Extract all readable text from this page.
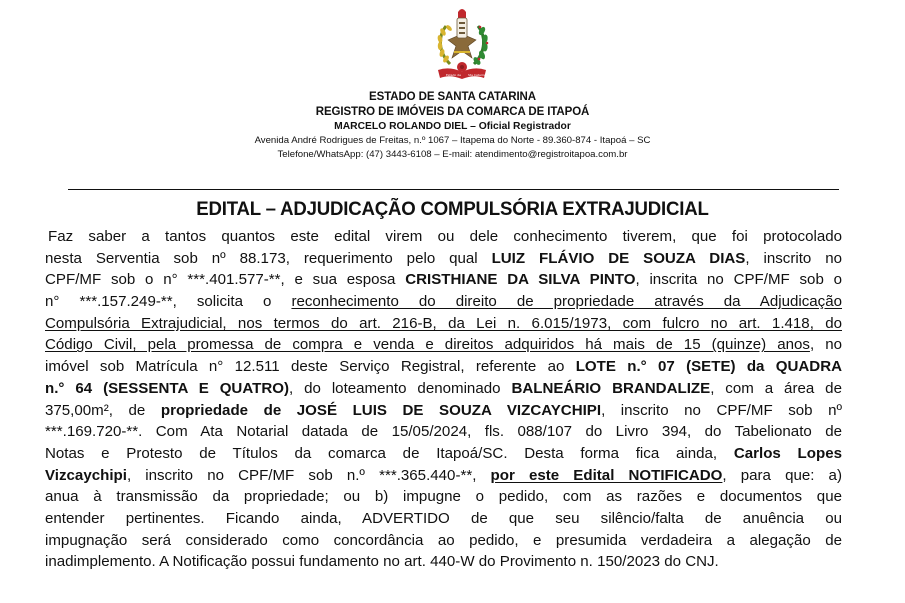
Estado de Sta Catarina
ESTADO DE SANTA CATARINA
REGISTRO DE IMÓVEIS DA COMARCA DE ITAPOÁ
MARCELO ROLANDO DIEL – Oficial Registrador
Avenida André Rodrigues de Freitas, n.º 1067 – Itapema do Norte - 89.360-874 - Itapoá – SC
Telefone/WhatsApp: (47) 3443-6108 – E-mail: atendimento@registroitapoa.com.br
EDITAL – ADJUDICAÇÃO COMPULSÓRIA EXTRAJUDICIAL
Faz saber a tantos quantos este edital virem ou dele conhecimento tiverem, que foi protocolado
nesta Serventia sob nº 88.173, requerimento pelo qual LUIZ FLÁVIO DE SOUZA DIAS, inscrito no
CPF/MF sob o n° ***.401.577-**, e sua esposa CRISTHIANE DA SILVA PINTO, inscrita no CPF/MF sob o
n° ***.157.249-**, solicita o reconhecimento do direito de propriedade através da Adjudicação
Compulsória Extrajudicial, nos termos do art. 216-B, da Lei n. 6.015/1973, com fulcro no art. 1.418, do
Código Civil, pela promessa de compra e venda e direitos adquiridos há mais de 15 (quinze) anos, no
imóvel sob Matrícula n° 12.511 deste Serviço Registral, referente ao LOTE n.° 07 (SETE) da QUADRA
n.° 64 (SESSENTA E QUATRO), do loteamento denominado BALNEÁRIO BRANDALIZE, com a área de
375,00m², de propriedade de JOSÉ LUIS DE SOUZA VIZCAYCHIPI, inscrito no CPF/MF sob nº
***.169.720-**. Com Ata Notarial datada de 15/05/2024, fls. 088/107 do Livro 394, do Tabelionato de
Notas e Protesto de Títulos da comarca de Itapoá/SC. Desta forma fica ainda, Carlos Lopes
Vizcaychipi, inscrito no CPF/MF sob n.º ***.365.440-**, por este Edital NOTIFICADO, para que: a)
anua à transmissão da propriedade; ou b) impugne o pedido, com as razões e documentos que
entender pertinentes. Ficando ainda, ADVERTIDO de que seu silêncio/falta de anuência ou
impugnação será considerado como concordância ao pedido, e presumida verdadeira a alegação de
inadimplemento. A Notificação possui fundamento no art. 440-W do Provimento n. 150/2023 do CNJ.
